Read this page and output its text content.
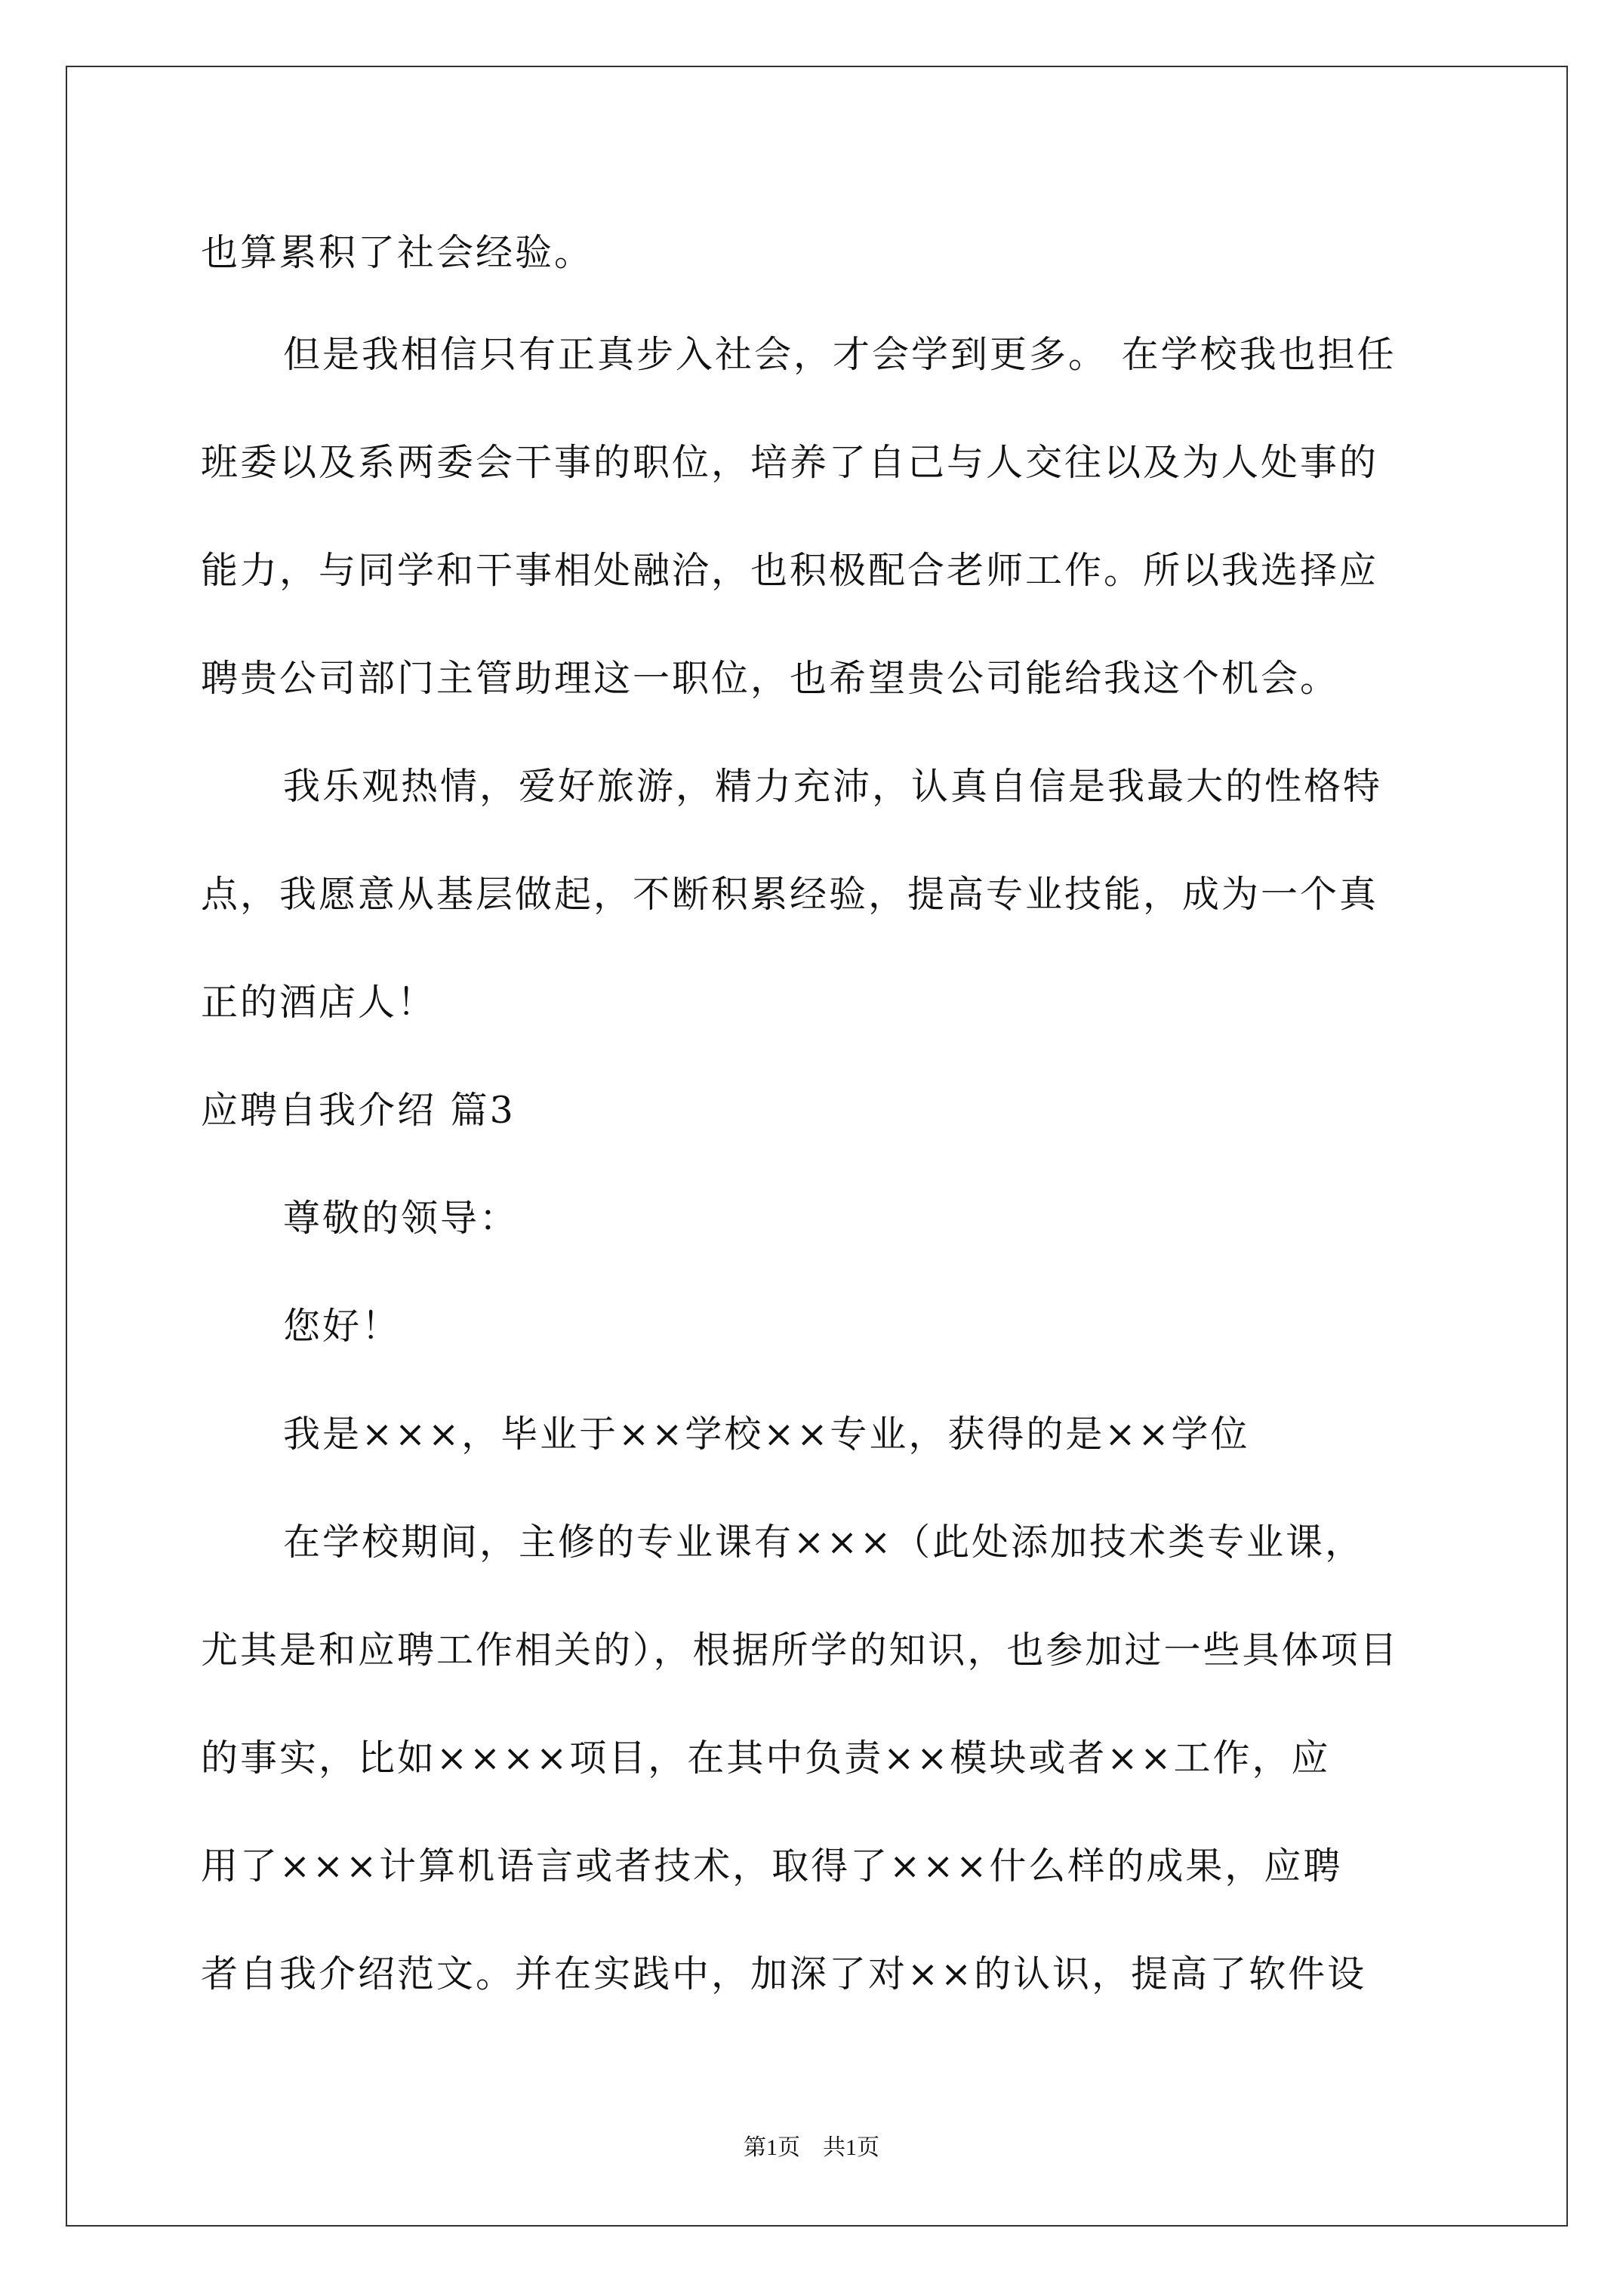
也算累积了社会经验。
但是我相信只有正真步入社会，才会学到更多。 在学校我也担任
班委以及系两委会干事的职位，培养了自己与人交往以及为人处事的
能力，与同学和干事相处融洽，也积极配合老师工作。所以我选择应
聘贵公司部门主管助理这一职位，也希望贵公司能给我这个机会。
我乐观热情，爱好旅游，精力充沛，认真自信是我最大的性格特
点，我愿意从基层做起，不断积累经验，提高专业技能，成为一个真
正的酒店人！
应聘自我介绍 篇3
尊敬的领导：
您好！
我是×××，毕业于××学校××专业，获得的是××学位
在学校期间，主修的专业课有×××（此处添加技术类专业课，
尤其是和应聘工作相关的），根据所学的知识，也参加过一些具体项目
的事实，比如××××项目，在其中负责××模块或者××工作，应
用了×××计算机语言或者技术，取得了×××什么样的成果，应聘
者自我介绍范文。并在实践中，加深了对××的认识，提高了软件设
第1页　共1页
